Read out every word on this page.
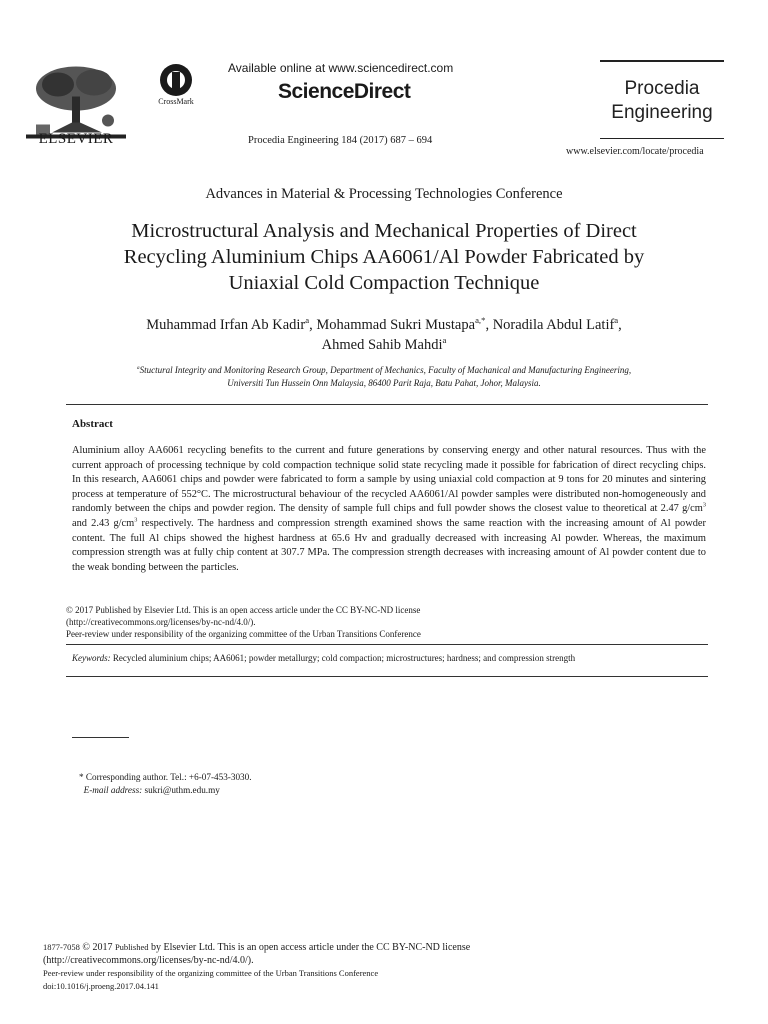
ELSEVIER
CrossMark
Available online at www.sciencedirect.com
ScienceDirect
Procedia Engineering 184 (2017) 687 – 694
Procedia
Engineering
www.elsevier.com/locate/procedia
Advances in Material & Processing Technologies Conference
Microstructural Analysis and Mechanical Properties of Direct
Recycling Aluminium Chips AA6061/Al Powder Fabricated by
Uniaxial Cold Compaction Technique
Muhammad Irfan Ab Kadir$^a$, Mohammad Sukri Mustapa$^{a,*}$, Noradila Abdul Latif$^a$,
Ahmed Sahib Mahdi$^a$
$^a$Stuctural Integrity and Monitoring Research Group, Department of Mechanics, Faculty of Machanical and Manufacturing Engineering,
Universiti Tun Hussein Onn Malaysia, 86400 Parit Raja, Batu Pahat, Johor, Malaysia.
Abstract
Aluminium alloy AA6061 recycling benefits to the current and future generations by conserving energy and other natural resources. Thus with the current approach of processing technique by cold compaction technique solid state recycling made it possible for fabrication of direct recycling chips. In this research, AA6061 chips and powder were fabricated to form a sample by using uniaxial cold compaction at 9 tons for 20 minutes and sintering process at temperature of 552°C. The microstructural behaviour of the recycled AA6061/Al powder samples were distributed non-homogeneously and randomly between the chips and powder region. The density of sample full chips and full powder shows the closest value to theoretical at 2.47 $g/cm^3$ and 2.43 $g/cm^3$ respectively. The hardness and compression strength examined shows the same reaction with the increasing amount of Al powder content. The full Al chips showed the highest hardness at 65.6 Hv and gradually decreased with increasing Al powder. Whereas, the maximum compression strength was at fully chip content at 307.7 MPa. The compression strength decreases with increasing amount of Al powder content due to the weak bonding between the particles.
© 2017 Published by Elsevier Ltd. This is an open access article under the CC BY-NC-ND license
(http://creativecommons.org/licenses/by-nc-nd/4.0/).
Peer-review under responsibility of the organizing committee of the Urban Transitions Conference
Keywords: Recycled aluminium chips; AA6061; powder metallurgy; cold compaction; microstructures; hardness; and compression strength
* Corresponding author. Tel.: +6-07-453-3030.
E-mail address: sukri@uthm.edu.my
1877-7058 © 2017 Published by Elsevier Ltd. This is an open access article under the CC BY-NC-ND license
(http://creativecommons.org/licenses/by-nc-nd/4.0/).
Peer-review under responsibility of the organizing committee of the Urban Transitions Conference
doi:10.1016/j.proeng.2017.04.141
